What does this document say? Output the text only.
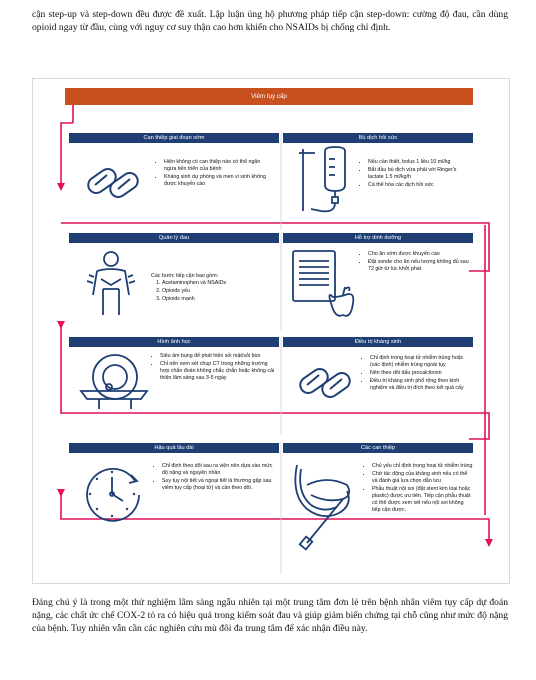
cận step-up và step-down đều được đề xuất. Lập luận ủng hộ phương pháp tiếp cận step-down: cường độ đau, cần dùng opioid ngay từ đầu, cùng với nguy cơ suy thận cao hơn khiến cho NSAIDs bị chống chỉ định.
Viêm tụy cấp
Can thiệp giai đoạn sớm	Bù dịch hồi sức
• Hiện không có can thiệp nào có thể ngăn ngừa tiến triển của bệnh
• Kháng sinh dự phòng và men vi sinh không được khuyến cáo
• Nếu cần thiết, bolus 1 liều 10 ml/kg
• Bắt đầu bù dịch vừa phải với Ringer's lactate 1.5 ml/kg/h
• Cá thể hóa các dịch hồi sức
Quản lý đau	Hỗ trợ dinh dưỡng
Các bước tiếp cận bao gồm:
1. Acetaminophen và NSAIDs
2. Opioids yếu
3. Opioids mạnh
• Cho ăn sớm được khuyến cáo
• Đặt sonde cho ăn nếu lượng không đủ sau 72 giờ từ lúc khởi phát
Hình ảnh học	Điều trị kháng sinh
• Siêu âm bụng để phát hiện sỏi mật/sỏi bùn
• Chỉ nên xem xét chụp CT trong những trường hợp chẩn đoán không chắc chắn hoặc không cải thiện lâm sàng sau 3-5 ngày
• Chỉ định trong hoại tử nhiễm trùng hoặc (xác định) nhiễm trùng ngoài tụy
• Nên theo dõi dấu procalcitonin
• Điều trị kháng sinh phổ rộng theo kinh nghiệm và điều trị đích theo kết quả cấy
Hậu quả lâu dài	Các can thiệp
• Chỉ định theo dõi sau ra viện nên dựa vào mức độ nặng và nguyên nhân
• Suy tụy nội tiết và ngoại tiết là thường gặp sau viêm tụy cấp (hoại tử) và cần theo dõi.
• Chủ yếu chỉ định trong hoại tử nhiễm trùng
• Chờ tác động của kháng sinh nếu có thể và đánh giá lựa chọn dẫn lưu
• Phẫu thuật nội soi (đặt stent kim loại hoặc plastic) được ưu tiên. Tiếp cận phẫu thuật có thể được xem xét nếu nội soi không tiếp cận được.
Đáng chú ý là trong một thử nghiệm lâm sàng ngẫu nhiên tại một trung tâm đơn lẻ trên bệnh nhân viêm tụy cấp dự đoán nặng, các chất ức chế COX-2 tỏ ra có hiệu quả trong kiểm soát đau và giúp giảm biến chứng tại chỗ cũng như mức độ nặng của bệnh. Tuy nhiên vẫn cần các nghiên cứu mù đôi đa trung tâm để xác nhận điều này.
